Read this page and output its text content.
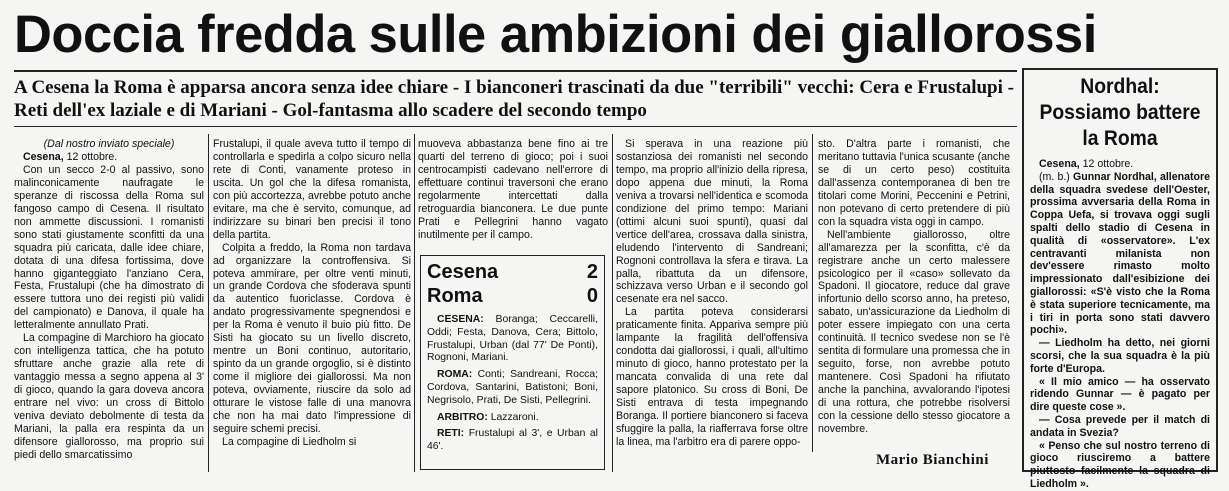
Doccia fredda sulle ambizioni dei giallorossi
A Cesena la Roma è apparsa ancora senza idee chiare - I bianconeri trascinati da due "terribili" vecchi: Cera e Frustalupi - Reti dell'ex laziale e di Mariani - Gol-fantasma allo scadere del secondo tempo
(Dal nostro inviato speciale)

Cesena, 12 ottobre.

Con un secco 2-0 al passivo, sono malinconicamente naufragate le speranze di riscossa della Roma sul fangoso campo di Cesena. Il risultato non ammette discussioni. I romanisti sono stati giustamente sconfitti da una squadra più caricata, dalle idee chiare, dotata di una difesa fortissima, dove hanno giganteggiato l'anziano Cera, Festa, Frustalupi (che ha dimostrato di essere tuttora uno dei registi più validi del campionato) e Danova, il quale ha letteralmente annullato Prati.

La compagine di Marchioro ha giocato con intelligenza tattica, che ha potuto sfruttare anche grazie alla rete di vantaggio messa a segno appena al 3' di gioco, quando la gara doveva ancora entrare nel vivo: un cross di Bittolo veniva deviato debolmente di testa da Mariani, la palla era respinta da un difensore giallorosso, ma proprio sui piedi dello smarcatissimo

Frustalupi, il quale aveva tutto il tempo di controllarla e spedirla a colpo sicuro nella rete di Conti, vanamente proteso in uscita. Un gol che la difesa romanista, con più accortezza, avrebbe potuto anche evitare, ma che è servito, comunque, ad indirizzare su binari ben precisi il tono della partita.

Colpita a freddo, la Roma non tardava ad organizzare la controffensiva. Si poteva ammirare, per oltre venti minuti, un grande Cordova che sfoderava spunti da autentico fuoriclasse. Cordova è andato progressivamente spegnendosi e per la Roma è venuto il buio più fitto. De Sisti ha giocato su un livello discreto, mentre un Boni continuo, autoritario, spinto da un grande orgoglio, si è distinto come il migliore dei giallorossi. Ma non poteva, ovviamente, riuscire da solo ad otturare le vistose falle di una manovra che non ha mai dato l'impressione di seguire schemi precisi.

La compagine di Liedholm si

muoveva abbastanza bene fino ai tre quarti del terreno di gioco; poi i suoi centrocampisti cadevano nell'errore di effettuare continui traversoni che erano regolarmente intercettati dalla retroguardia bianconera. Le due punte Prati e Pellegrini hanno vagato inutilmente per il campo.

Cesena	2
Roma	0

CESENA: Boranga; Ceccarelli, Oddi; Festa, Danova, Cera; Bittolo, Frustalupi, Urban (dal 77' De Ponti), Rognoni, Mariani.

ROMA: Conti; Sandreani, Rocca; Cordova, Santarini, Batistoni; Boni, Negrisolo, Prati, De Sisti, Pellegrini.

ARBITRO: Lazzaroni.

RETI: Frustalupi al 3', e Urban al 46'.

Si sperava in una reazione più sostanziosa dei romanisti nel secondo tempo, ma proprio all'inizio della ripresa, dopo appena due minuti, la Roma veniva a trovarsi nell'identica e scomoda condizione del primo tempo: Mariani (ottimi alcuni suoi spunti), quasi dal vertice dell'area, crossava dalla sinistra, eludendo l'intervento di Sandreani; Rognoni controllava la sfera e tirava. La palla, ribattuta da un difensore, schizzava verso Urban e il secondo gol cesenate era nel sacco.

La partita poteva considerarsi praticamente finita. Appariva sempre più lampante la fragilità dell'offensiva condotta dai giallorossi, i quali, all'ultimo minuto di gioco, hanno protestato per la mancata convalida di una rete dal sapore platonico. Su cross di Boni, De Sisti entrava di testa impegnando Boranga. Il portiere bianconero si faceva sfuggire la palla, la riafferrava forse oltre la linea, ma l'arbitro era di parere oppo-

sto. D'altra parte i romanisti, che meritano tuttavia l'unica scusante (anche se di un certo peso) costituita dall'assenza contemporanea di ben tre titolari come Morini, Peccenini e Petrini, non potevano di certo pretendere di più con la squadra vista oggi in campo.

Nell'ambiente giallorosso, oltre all'amarezza per la sconfitta, c'è da registrare anche un certo malessere psicologico per il «caso» sollevato da Spadoni. Il giocatore, reduce dal grave infortunio dello scorso anno, ha preteso, sabato, un'assicurazione da Liedholm di poter essere impiegato con una certa continuità. Il tecnico svedese non se l'è sentita di formulare una promessa che in seguito, forse, non avrebbe potuto mantenere. Così Spadoni ha rifiutato anche la panchina, avvalorando l'ipotesi di una rottura, che potrebbe risolversi con la cessione dello stesso giocatore a novembre.

Mario Bianchini
Nordhal: Possiamo battere la Roma

Cesena, 12 ottobre.

(m. b.) Gunnar Nordhal, allenatore della squadra svedese dell'Oester, prossima avversaria della Roma in Coppa Uefa, si trovava oggi sugli spalti dello stadio di Cesena in qualità di «osservatore». L'ex centravanti milanista non dev'essere rimasto molto impressionato dall'esibizione dei giallorossi: «S'è visto che la Roma è stata superiore tecnicamente, ma i tiri in porta sono stati davvero pochi».

— Liedholm ha detto, nei giorni scorsi, che la sua squadra è la più forte d'Europa.

« Il mio amico — ha osservato ridendo Gunnar — è pagato per dire queste cose ».

— Cosa prevede per il match di andata in Svezia?

« Penso che sul nostro terreno di gioco riusciremo a battere piuttosto facilmente la squadra di Liedholm ».
